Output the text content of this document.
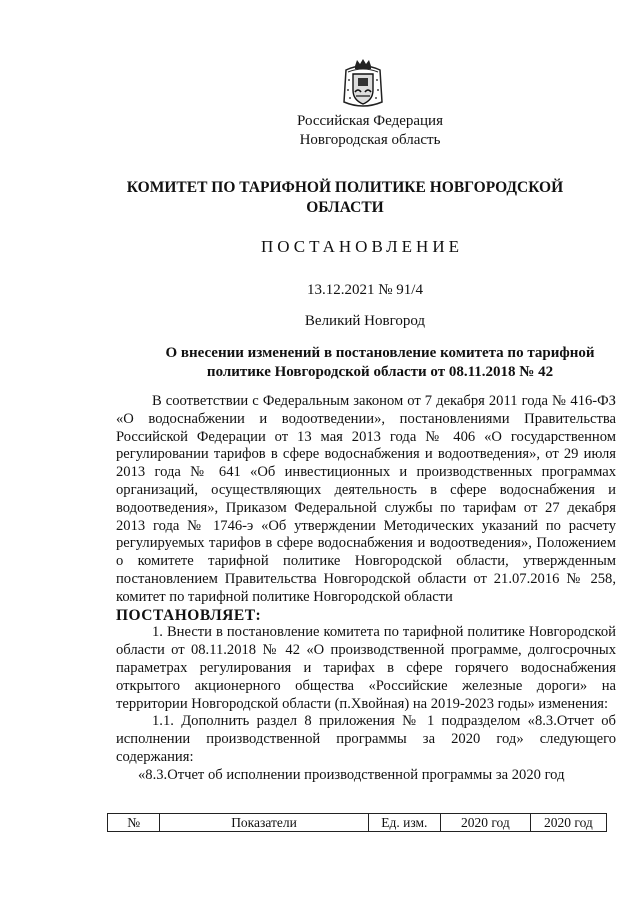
Российская Федерация
Новгородская область
КОМИТЕТ ПО ТАРИФНОЙ ПОЛИТИКЕ НОВГОРОДСКОЙ ОБЛАСТИ
ПОСТАНОВЛЕНИЕ
13.12.2021 № 91/4
Великий Новгород
О внесении изменений в постановление комитета по тарифной политике Новгородской области от 08.11.2018 № 42

В соответствии с Федеральным законом от 7 декабря 2011 года № 416-ФЗ «О водоснабжении и водоотведении», постановлениями Правительства Российской Федерации от 13 мая 2013 года № 406 «О государственном регулировании тарифов в сфере водоснабжения и водоотведения», от 29 июля 2013 года № 641 «Об инвестиционных и производственных программах организаций, осуществляющих деятельность в сфере водоснабжения и водоотведения», Приказом Федеральной службы по тарифам от 27 декабря 2013 года № 1746-э «Об утверждении Методических указаний по расчету регулируемых тарифов в сфере водоснабжения и водоотведения», Положением о комитете тарифной политике Новгородской области, утвержденным постановлением Правительства Новгородской области от 21.07.2016 № 258, комитет по тарифной политике Новгородской области

ПОСТАНОВЛЯЕТ:

1. Внести в постановление комитета по тарифной политике Новгородской области от 08.11.2018 № 42 «О производственной программе, долгосрочных параметрах регулирования и тарифах в сфере горячего водоснабжения открытого акционерного общества «Российские железные дороги» на территории Новгородской области (п.Хвойная) на 2019-2023 годы» изменения:

1.1. Дополнить раздел 8 приложения № 1 подразделом «8.3.Отчет об исполнении производственной программы за 2020 год» следующего содержания:

«8.3.Отчет об исполнении производственной программы за 2020 год

№	Показатели	Ед. изм.	2020 год	2020 год
